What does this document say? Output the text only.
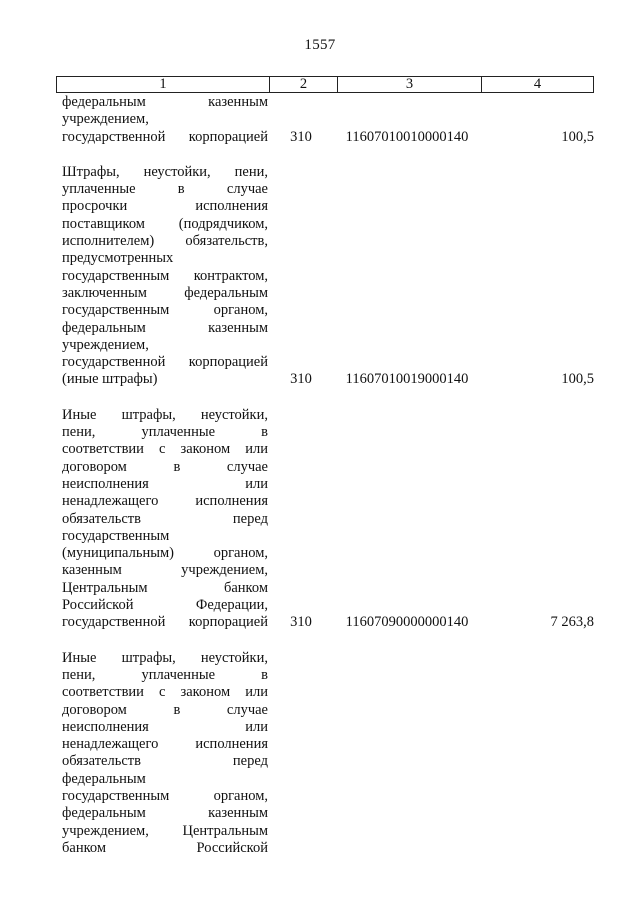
1557
1	2	3	4
федеральным казенным
учреждением,
государственной корпорацией	310	11607010010000140	100,5
Штрафы, неустойки, пени,
уплаченные в случае
просрочки исполнения
поставщиком (подрядчиком,
исполнителем) обязательств,
предусмотренных
государственным контрактом,
заключенным федеральным
государственным органом,
федеральным казенным
учреждением,
государственной корпорацией
(иные штрафы)	310	11607010019000140	100,5
Иные штрафы, неустойки,
пени, уплаченные в
соответствии с законом или
договором в случае
неисполнения или
ненадлежащего исполнения
обязательств перед
государственным
(муниципальным) органом,
казенным учреждением,
Центральным банком
Российской Федерации,
государственной корпорацией	310	11607090000000140	7 263,8
Иные штрафы, неустойки,
пени, уплаченные в
соответствии с законом или
договором в случае
неисполнения или
ненадлежащего исполнения
обязательств перед
федеральным
государственным органом,
федеральным казенным
учреждением, Центральным
банком Российской
